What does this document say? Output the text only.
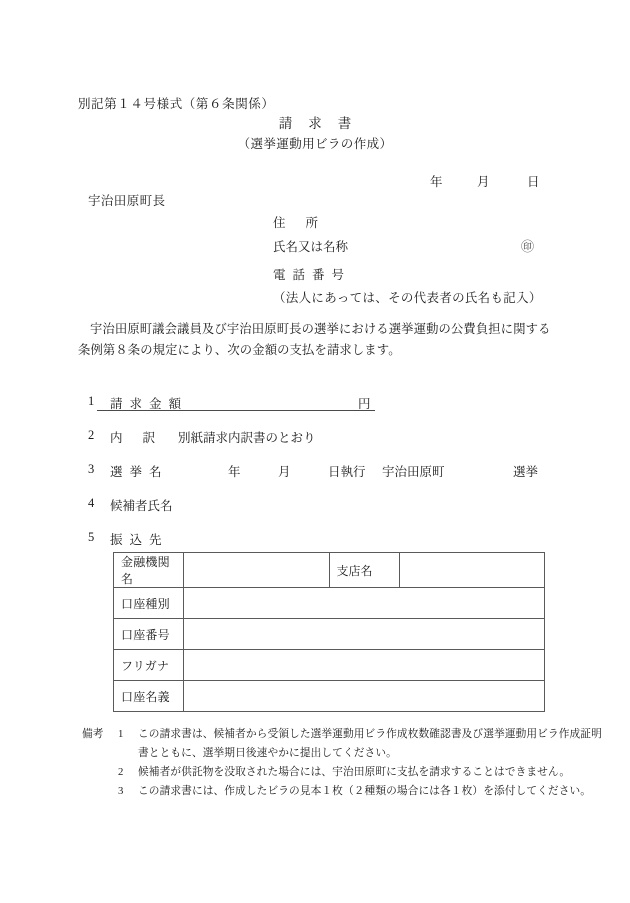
別記第１４号様式（第６条関係）
請求書
（選挙運動用ビラの作成）
年	月	日
宇治田原町長
住所
氏名又は名称	㊞
電話番号
（法人にあっては、その代表者の氏名も記入）
宇治田原町議会議員及び宇治田原町長の選挙における選挙運動の公費負担に関する条例第８条の規定により、次の金額の支払を請求します。
1 請求金額	円
2 内訳 別紙請求内訳書のとおり
3 選挙名	年	月	日執行 宇治田原町	選挙
4 候補者氏名
5 振込先
金融機関名		支店名	
口座種別			
口座番号			
フリガナ			
口座名義			
備考 1 この請求書は、候補者から受領した選挙運動用ビラ作成枚数確認書及び選挙運動用ビラ作成証明
書とともに、選挙期日後速やかに提出してください。
2 候補者が供託物を没取された場合には、宇治田原町に支払を請求することはできません。
3 この請求書には、作成したビラの見本１枚（２種類の場合には各１枚）を添付してください。
